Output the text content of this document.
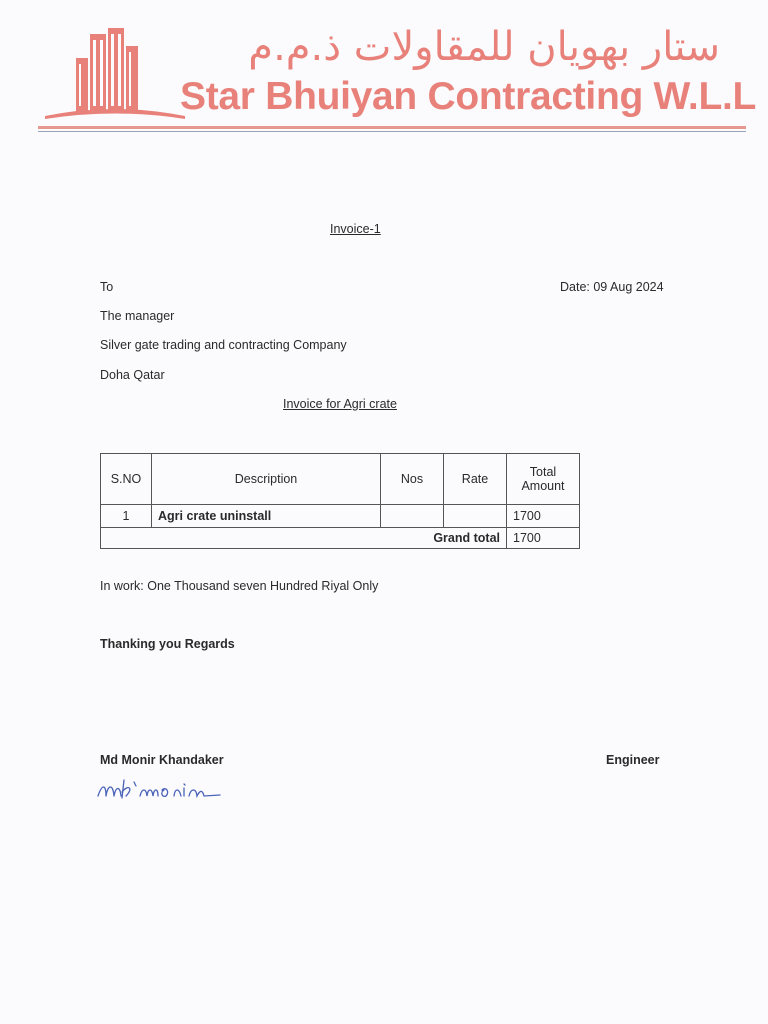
ستار بهويان للمقاولات ذ.م.م
Star Bhuiyan Contracting W.L.L
Invoice-1
To	Date: 09 Aug 2024
The manager
Silver gate trading and contracting Company
Doha Qatar
Invoice for Agri crate
S.NO	Description	Nos	Rate	Total
Amount
1	Agri crate uninstall			1700
Grand total				1700
In work: One Thousand seven Hundred Riyal Only
Thanking you Regards
Md Monir Khandaker	Engineer
